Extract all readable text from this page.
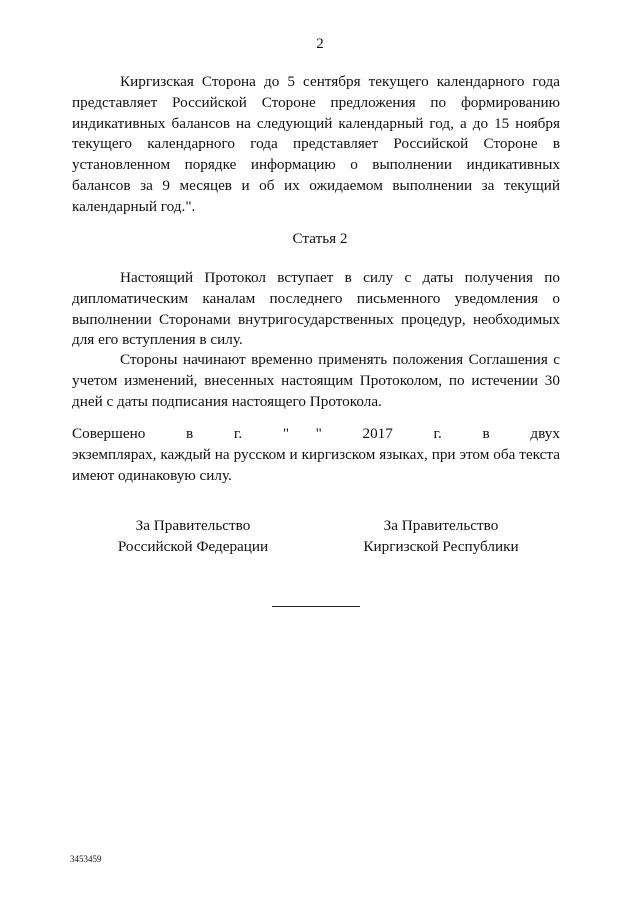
2

Киргизская Сторона до 5 сентября текущего календарного года представляет Российской Стороне предложения по формированию индикативных балансов на следующий календарный год, а до 15 ноября текущего календарного года представляет Российской Стороне в установленном порядке информацию о выполнении индикативных балансов за 9 месяцев и об их ожидаемом выполнении за текущий календарный год.".

Статья 2

Настоящий Протокол вступает в силу с даты получения по дипломатическим каналам последнего письменного уведомления о выполнении Сторонами внутригосударственных процедур, необходимых для его вступления в силу.

Стороны начинают временно применять положения Соглашения с учетом изменений, внесенных настоящим Протоколом, по истечении 30 дней с даты подписания настоящего Протокола.

Совершено	в	г.	" "	2017	г.	в	двух

экземплярах, каждый на русском и киргизском языках, при этом оба текста имеют одинаковую силу.

За Правительство
Российской Федерации
За Правительство
Киргизской Республики
3453459
